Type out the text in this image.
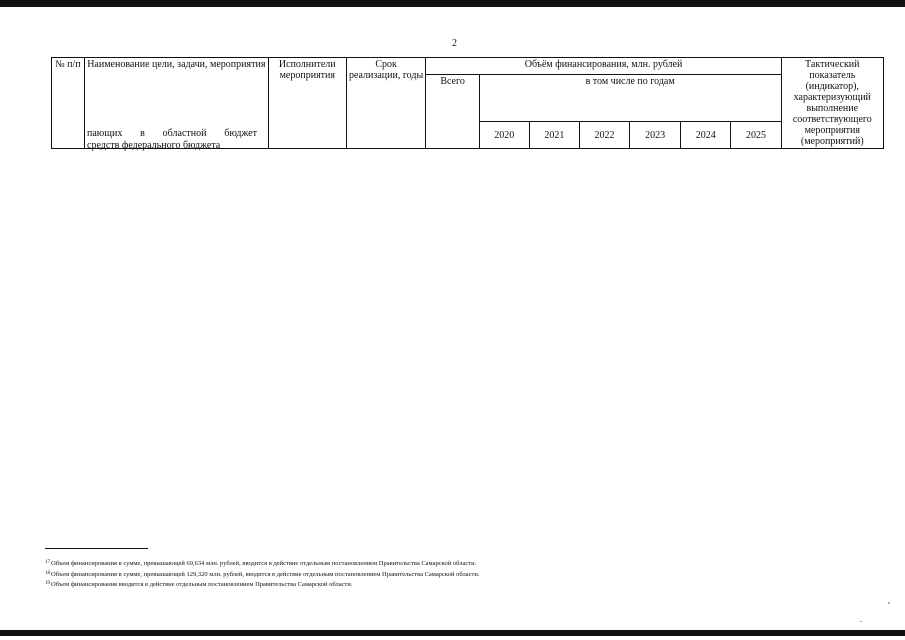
2
№ п/п	Наименование цели, задачи, мероприятия	Исполнители мероприятия	Срок реализации, годы	Объём финансирования, млн. рублей							Тактический показатель (индикатор), характеризующий выполнение соответствующего мероприятия (мероприятий)
				Всего	в том числе по годам						
					2020	2021	2022	2023	2024	2025	
пающих в областной бюджет
средств федерального бюджета
$^{17}$Объем финансирования в сумме, превышающей 69,634 млн. рублей, вводится в действие отдельным постановлением Правительства Самарской области.
$^{18}$Объем финансирования в сумме, превышающей 129,320 млн. рублей, вводится в действие отдельным постановлением Правительства Самарской области.
$^{19}$Объем финансирования вводится в действие отдельным постановлением Правительства Самарской области.
,
.
